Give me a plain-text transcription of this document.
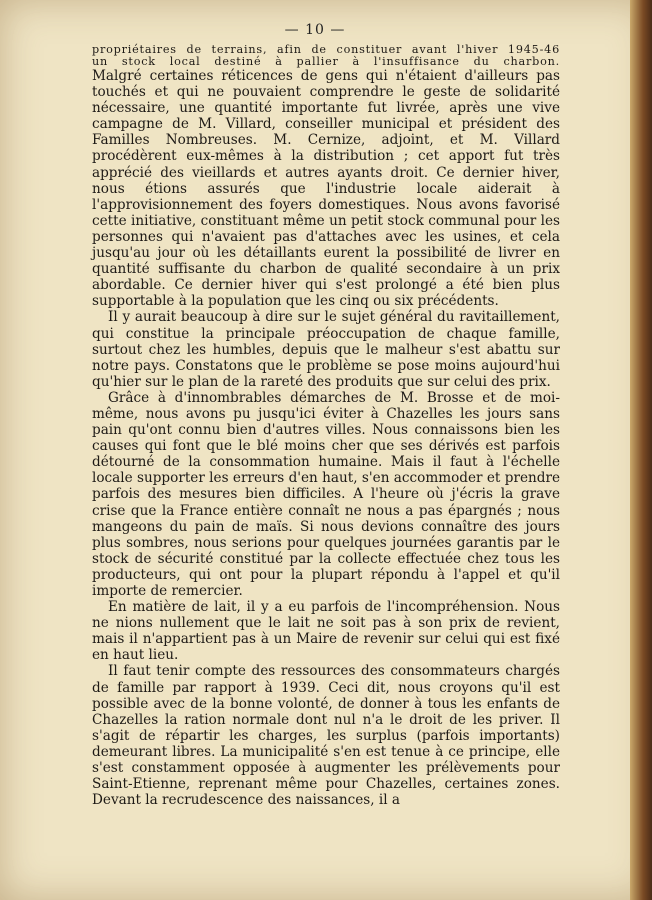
— 10 —
propriétaires de terrains, afin de constituer avant l'hiver 1945-46
un stock local destiné à pallier à l'insuffisance du charbon.

Malgré certaines réticences de gens qui n'étaient d'ailleurs pas touchés et qui ne pouvaient comprendre le geste de solidarité nécessaire, une quantité importante fut livrée, après une vive campagne de M. Villard, conseiller municipal et président des Familles Nombreuses. M. Cernize, adjoint, et M. Villard procédèrent eux-mêmes à la distribution ; cet apport fut très apprécié des vieillards et autres ayants droit. Ce dernier hiver, nous étions assurés que l'industrie locale aiderait à l'approvisionnement des foyers domestiques. Nous avons favorisé cette initiative, constituant même un petit stock communal pour les personnes qui n'avaient pas d'attaches avec les usines, et cela jusqu'au jour où les détaillants eurent la possibilité de livrer en quantité suffisante du charbon de qualité secondaire à un prix abordable. Ce dernier hiver qui s'est prolongé a été bien plus supportable à la population que les cinq ou six précédents.

Il y aurait beaucoup à dire sur le sujet général du ravitaillement, qui constitue la principale préoccupation de chaque famille, surtout chez les humbles, depuis que le malheur s'est abattu sur notre pays. Constatons que le problème se pose moins aujourd'hui qu'hier sur le plan de la rareté des produits que sur celui des prix.

Grâce à d'innombrables démarches de M. Brosse et de moi-même, nous avons pu jusqu'ici éviter à Chazelles les jours sans pain qu'ont connu bien d'autres villes. Nous connaissons bien les causes qui font que le blé moins cher que ses dérivés est parfois détourné de la consommation humaine. Mais il faut à l'échelle locale supporter les erreurs d'en haut, s'en accommoder et prendre parfois des mesures bien difficiles. A l'heure où j'écris la grave crise que la France entière connaît ne nous a pas épargnés ; nous mangeons du pain de maïs. Si nous devions connaître des jours plus sombres, nous serions pour quelques journées garantis par le stock de sécurité constitué par la collecte effectuée chez tous les producteurs, qui ont pour la plupart répondu à l'appel et qu'il importe de remercier.

En matière de lait, il y a eu parfois de l'incompréhension. Nous ne nions nullement que le lait ne soit pas à son prix de revient, mais il n'appartient pas à un Maire de revenir sur celui qui est fixé en haut lieu.

Il faut tenir compte des ressources des consommateurs chargés de famille par rapport à 1939. Ceci dit, nous croyons qu'il est possible avec de la bonne volonté, de donner à tous les enfants de Chazelles la ration normale dont nul n'a le droit de les priver. Il s'agit de répartir les charges, les surplus (parfois importants) demeurant libres. La municipalité s'en est tenue à ce principe, elle s'est constamment opposée à augmenter les prélèvements pour Saint-Etienne, reprenant même pour Chazelles, certaines zones. Devant la recrudescence des naissances, il a
